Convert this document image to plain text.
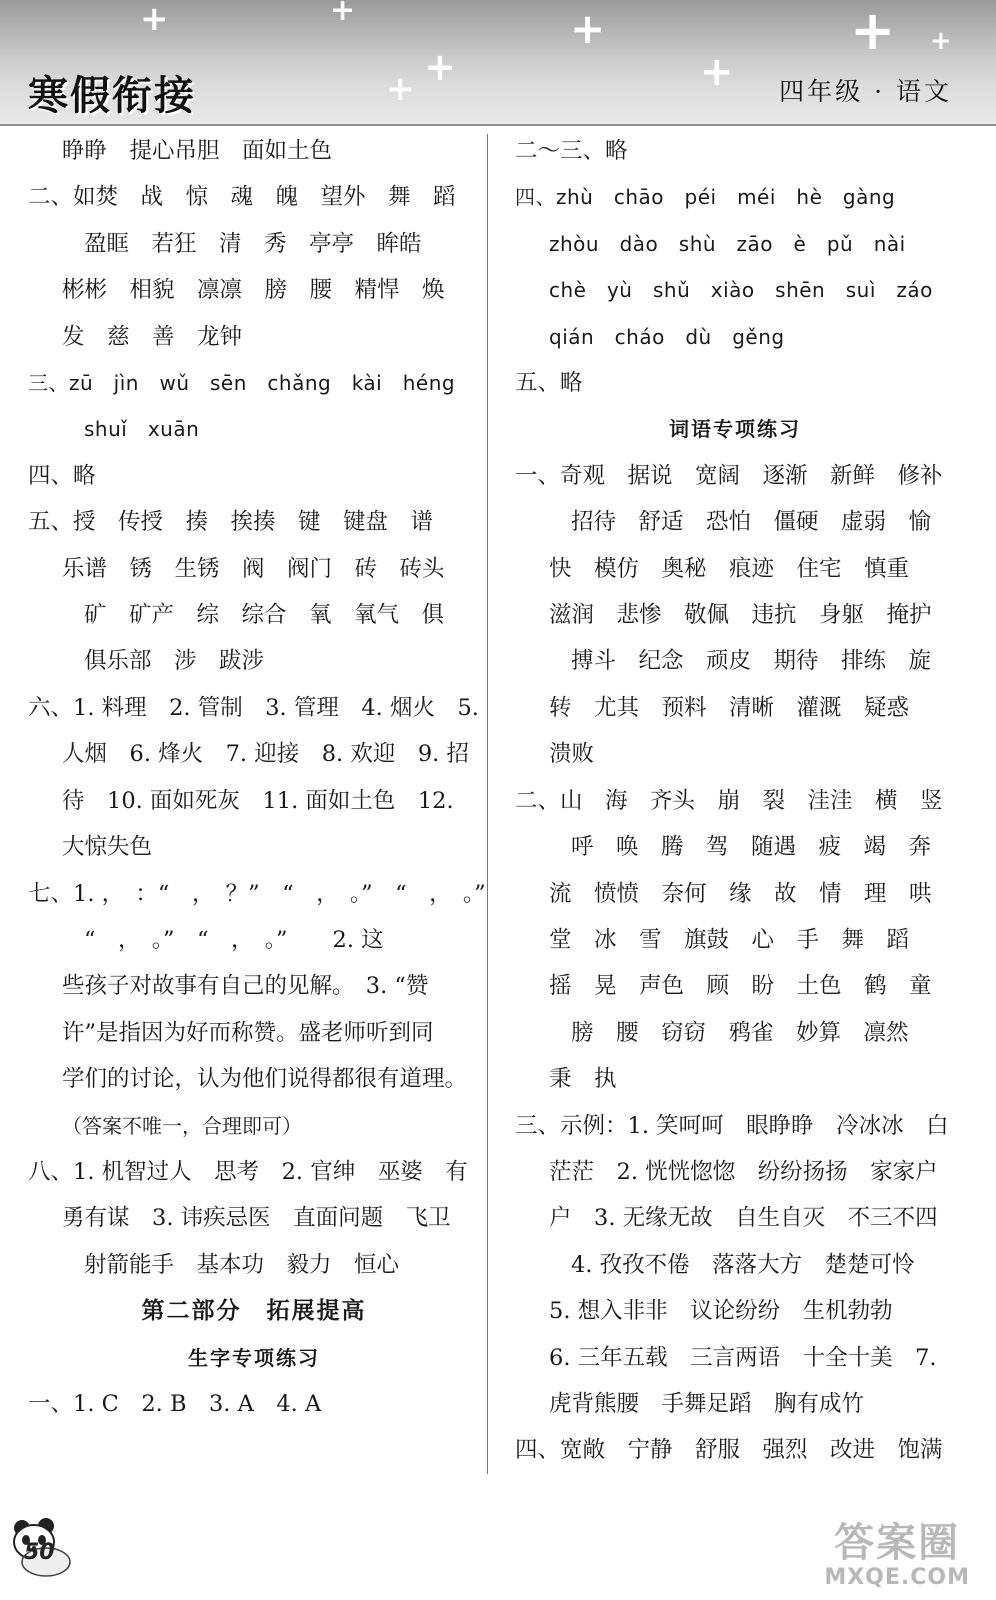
+	+	+
+
+	+
+ +
寒假衔接	四年级 · 语文

睁睁　提心吊胆　面如土色

二、如焚　战　惊　魂　魄　望外　舞　蹈

盈眶　若狂　清　秀　亭亭　眸皓

彬彬　相貌　凛凛　膀　腰　精悍　焕

发　慈　善　龙钟

三、zū　jìn　wǔ　sēn　chǎng　kài　héng

shuǐ　xuān

四、略

五、授　传授　揍　挨揍　键　键盘　谱

乐谱　锈　生锈　阀　阀门　砖　砖头

矿　矿产　综　综合　氧　氧气　俱

俱乐部　涉　跋涉

六、1. 料理　2. 管制　3. 管理　4. 烟火　5.

人烟　6. 烽火　7. 迎接　8. 欢迎　9. 招

待　10. 面如死灰　11. 面如土色　12.

大惊失色

七、1. ，　：“　，　？”　“　，　。”　“　，　。”

“　，　。”　“　，　。”　　2. 这

些孩子对故事有自己的见解。　3. “赞

许”是指因为好而称赞。盛老师听到同

学们的讨论，认为他们说得都很有道理。

（答案不唯一，合理即可）

八、1. 机智过人　思考　2. 官绅　巫婆　有

勇有谋　3. 讳疾忌医　直面问题　飞卫

射箭能手　基本功　毅力　恒心

第二部分　拓展提高

生字专项练习

一、1. C　2. B　3. A　4. A

二～三、略

四、zhù　chāo　péi　méi　hè　gàng

zhòu　dào　shù　zāo　è　pǔ　nài

chè　yù　shǔ　xiào　shēn　suì　záo

qián　cháo　dù　gěng

五、略

词语专项练习

一、奇观　据说　宽阔　逐渐　新鲜　修补

招待　舒适　恐怕　僵硬　虚弱　愉

快　模仿　奥秘　痕迹　住宅　慎重

滋润　悲惨　敬佩　违抗　身躯　掩护

搏斗　纪念　顽皮　期待　排练　旋

转　尤其　预料　清晰　灌溉　疑惑

溃败

二、山　海　齐头　崩　裂　洼洼　横　竖

呼　唤　腾　驾　随遇　疲　竭　奔

流　愤愤　奈何　缘　故　情　理　哄

堂　冰　雪　旗鼓　心　手　舞　蹈

摇　晃　声色　顾　盼　土色　鹤　童

膀　腰　窃窃　鸦雀　妙算　凛然

秉　执

三、示例：1. 笑呵呵　眼睁睁　冷冰冰　白

茫茫　2. 恍恍惚惚　纷纷扬扬　家家户

户　3. 无缘无故　自生自灭　不三不四

4. 孜孜不倦　落落大方　楚楚可怜

5. 想入非非　议论纷纷　生机勃勃

6. 三年五载　三言两语　十全十美　7.

虎背熊腰　手舞足蹈　胸有成竹

四、宽敞　宁静　舒服　强烈　改进　饱满

50	答案圈
MXQE.COM
